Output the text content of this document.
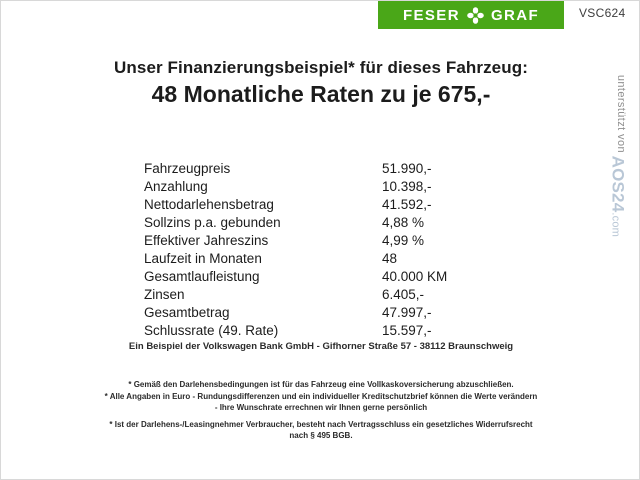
FESER GRAF	VSC624
Unser Finanzierungsbeispiel* für dieses Fahrzeug:
48 Monatliche Raten zu je 675,-
Fahrzeugpreis	51.990,-
Anzahlung	10.398,-
Nettodarlehensbetrag	41.592,-
Sollzins p.a. gebunden	4,88 %
Effektiver Jahreszins	4,99 %
Laufzeit in Monaten	48
Gesamtlaufleistung	40.000 KM
Zinsen	6.405,-
Gesamtbetrag	47.997,-
Schlussrate (49. Rate)	15.597,-
Ein Beispiel der Volkswagen Bank GmbH - Gifhorner Straße 57 - 38112 Braunschweig
* Gemäß den Darlehensbedingungen ist für das Fahrzeug eine Vollkaskoversicherung abzuschließen.
* Alle Angaben in Euro - Rundungsdifferenzen und ein individueller Kreditschutzbrief können die Werte verändern
- Ihre Wunschrate errechnen wir Ihnen gerne persönlich
* Ist der Darlehens-/Leasingnehmer Verbraucher, besteht nach Vertragsschluss ein gesetzliches Widerrufsrecht
nach § 495 BGB.
unterstützt von
AOS24.com
